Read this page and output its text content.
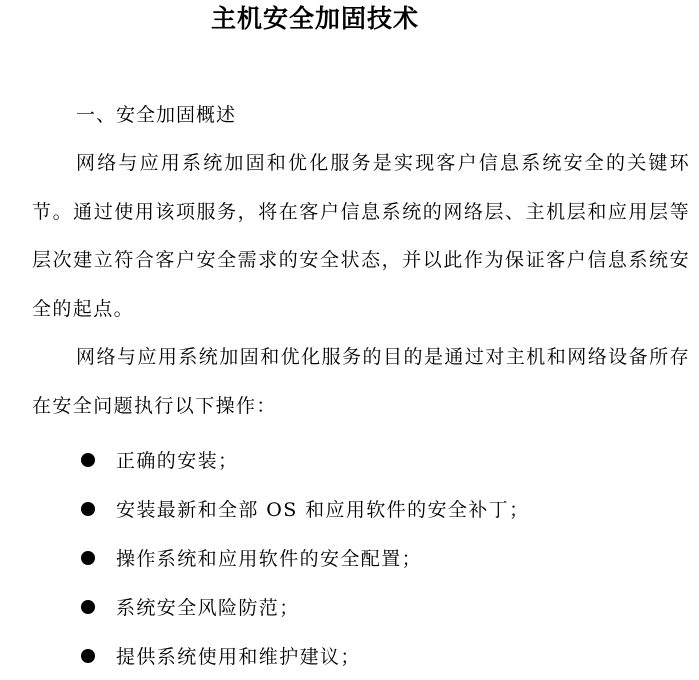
主机安全加固技术
一、安全加固概述

网络与应用系统加固和优化服务是实现客户信息系统安全的关键环节。通过使用该项服务，将在客户信息系统的网络层、主机层和应用层等层次建立符合客户安全需求的安全状态，并以此作为保证客户信息系统安全的起点。

网络与应用系统加固和优化服务的目的是通过对主机和网络设备所存在安全问题执行以下操作：

正确的安装；
安装最新和全部 OS 和应用软件的安全补丁；
操作系统和应用软件的安全配置；
系统安全风险防范；
提供系统使用和维护建议；
